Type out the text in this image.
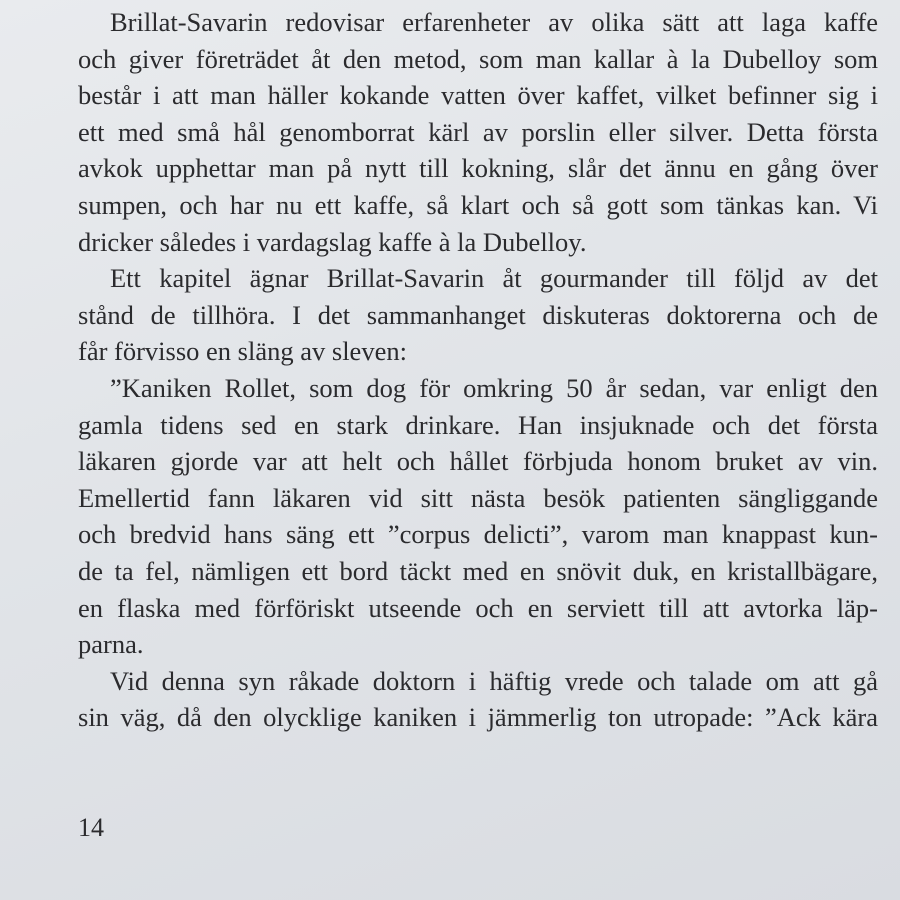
Brillat-Savarin redovisar erfarenheter av olika sätt att laga kaffe
och giver företrädet åt den metod, som man kallar à la Dubelloy som
består i att man häller kokande vatten över kaffet, vilket befinner sig i
ett med små hål genomborrat kärl av porslin eller silver. Detta första
avkok upphettar man på nytt till kokning, slår det ännu en gång över
sumpen, och har nu ett kaffe, så klart och så gott som tänkas kan. Vi
dricker således i vardagslag kaffe à la Dubelloy.
Ett kapitel ägnar Brillat-Savarin åt gourmander till följd av det
stånd de tillhöra. I det sammanhanget diskuteras doktorerna och de
får förvisso en släng av sleven:
”Kaniken Rollet, som dog för omkring 50 år sedan, var enligt den
gamla tidens sed en stark drinkare. Han insjuknade och det första
läkaren gjorde var att helt och hållet förbjuda honom bruket av vin.
Emellertid fann läkaren vid sitt nästa besök patienten sängliggande
och bredvid hans säng ett ”corpus delicti”, varom man knappast kun-
de ta fel, nämligen ett bord täckt med en snövit duk, en kristallbägare,
en flaska med förföriskt utseende och en serviett till att avtorka läp-
parna.
Vid denna syn råkade doktorn i häftig vrede och talade om att gå
sin väg, då den olycklige kaniken i jämmerlig ton utropade: ”Ack kära
14
